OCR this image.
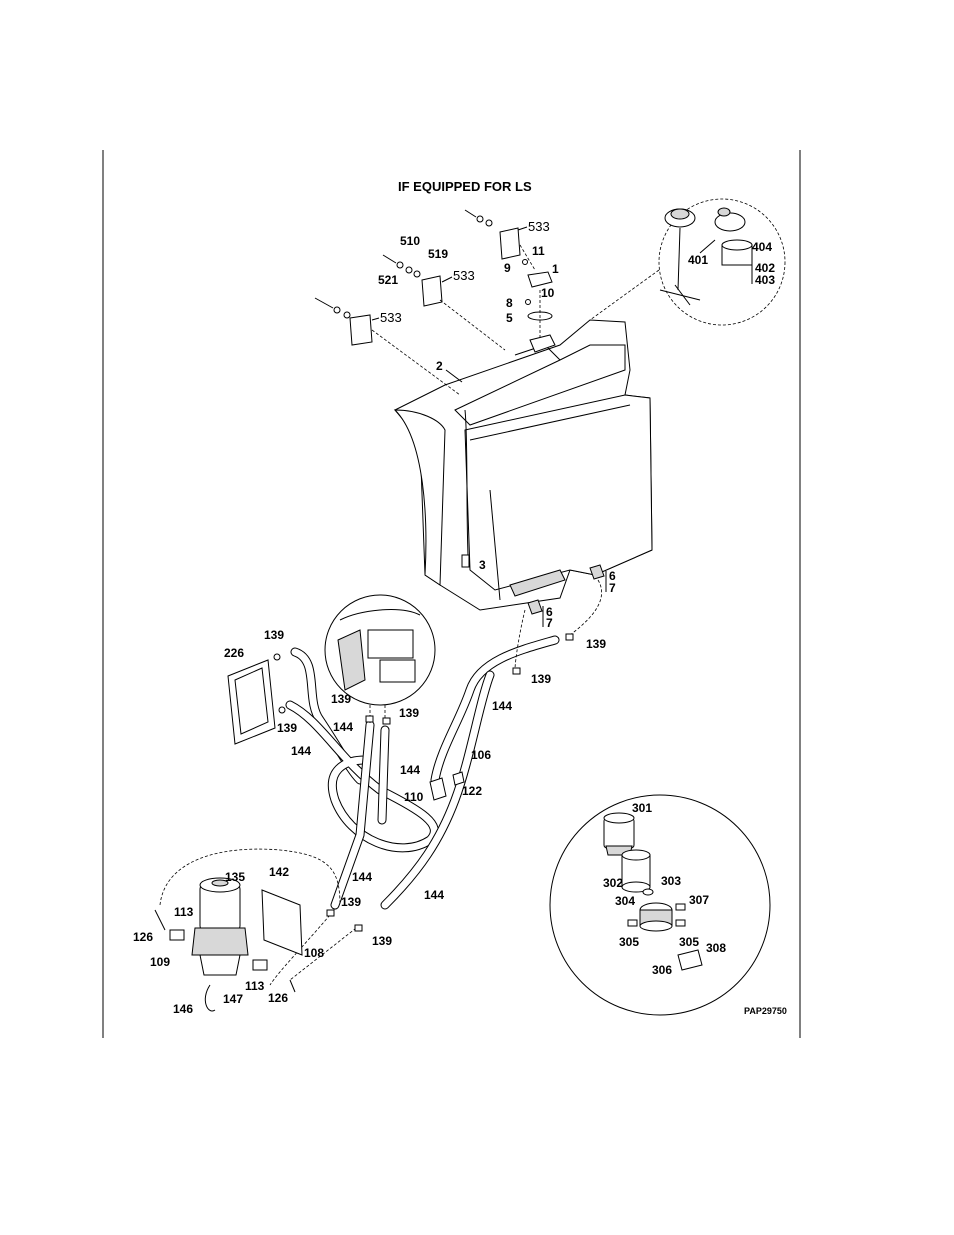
IF EQUIPPED FOR LS
533
533
533
510
519
521
11
9	1
10
8
5
2
3
6
7
6
7
401
404
402
403
139
226
139
139
139
144
144
144
139
139
144
106
110	122
144
144
139
139
135 142
113
126
109
108
113
126
146
147
301
302	303
304	307
305	305 308
306
PAP29750
